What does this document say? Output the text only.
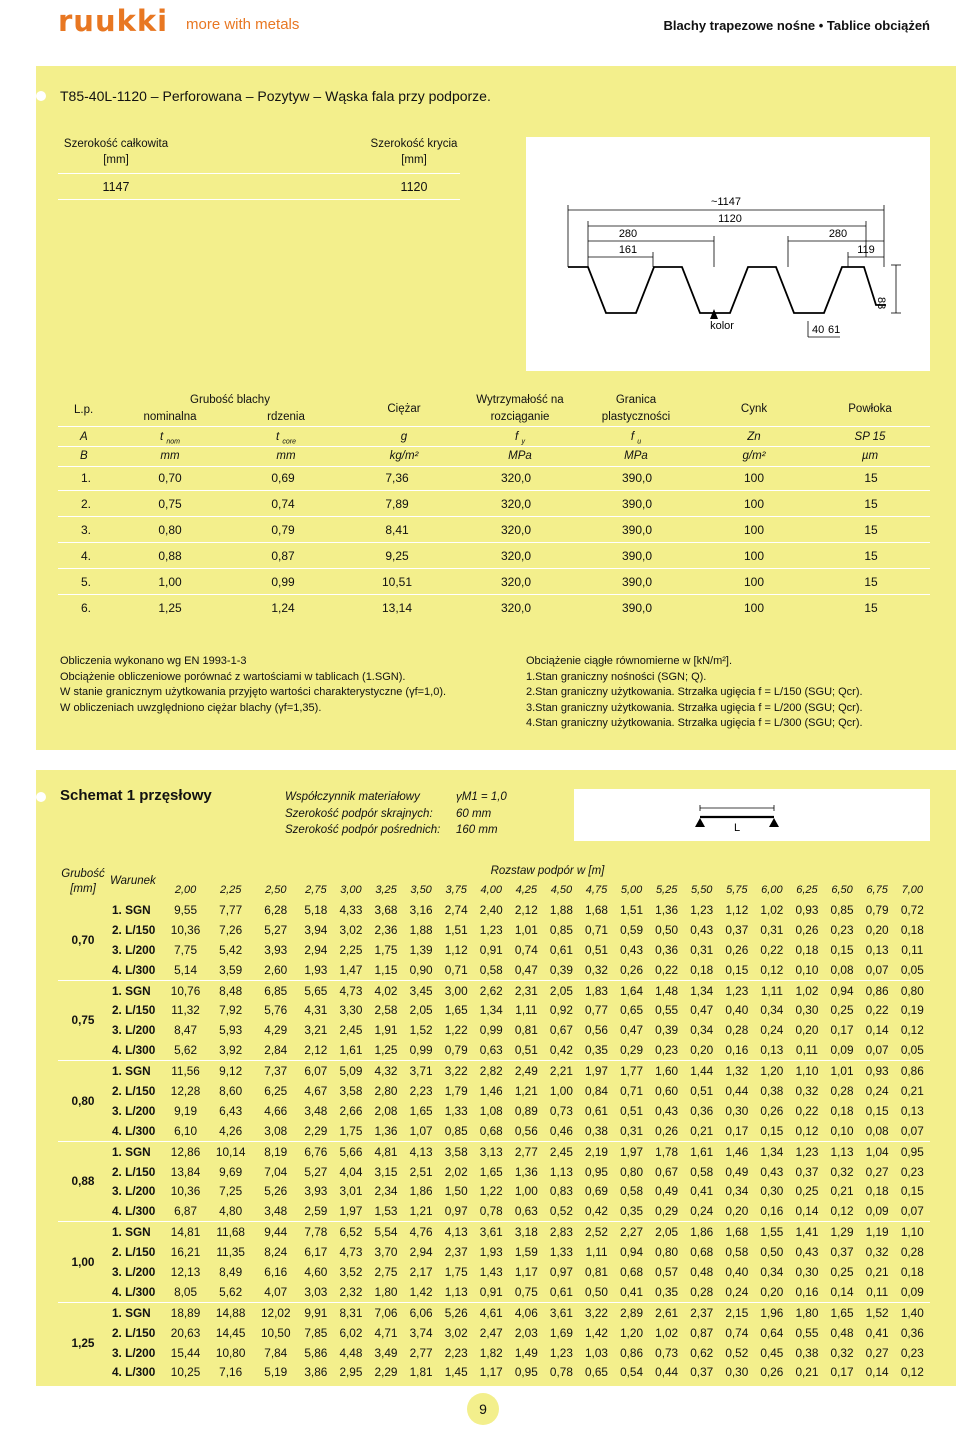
ruukki more with metals	Blachy trapezowe nośne • Tablice obciążeń
T85-40L-1120 – Perforowana – Pozytyw – Wąska fala przy podporze.
Szerokość całkowita
[mm]
Szerokość krycia
[mm]
1147	1120
~1147
1120
280	280
161	119
83
kolor	40 61
L.p.
Grubość blachy
nominalna	rdzenia
Ciężar
Wytrzymałość na
rozciąganie
Granica
plastyczności
Cynk	Powłoka
A	t $_{nom}$	t $_{core}$	g	f $_y$	f $_u$	Zn	SP 15
B	mm	mm	kg/m²	MPa	MPa	g/m²	µm
1.	0,70	0,69	7,36	320,0	390,0	100	15
2.	0,75	0,74	7,89	320,0	390,0	100	15
3.	0,80	0,79	8,41	320,0	390,0	100	15
4.	0,88	0,87	9,25	320,0	390,0	100	15
5.	1,00	0,99	10,51	320,0	390,0	100	15
6.	1,25	1,24	13,14	320,0	390,0	100	15
Obliczenia wykonano wg EN 1993-1-3
Obciążenie obliczeniowe porównać z wartościami w tablicach (1.SGN).
W stanie granicznym użytkowania przyjęto wartości charakterystyczne (γf=1,0).
W obliczeniach uwzględniono ciężar blachy (γf=1,35).
Obciążenie ciągłe równomierne w [kN/m²].
1.Stan graniczny nośności (SGN; Q).
2.Stan graniczny użytkowania. Strzałka ugięcia f = L/150 (SGU; Qcr).
3.Stan graniczny użytkowania. Strzałka ugięcia f = L/200 (SGU; Qcr).
4.Stan graniczny użytkowania. Strzałka ugięcia f = L/300 (SGU; Qcr).
Schemat 1 przęsłowy	Współczynnik materiałowy
Szerokość podpór skrajnych:
Szerokość podpór pośrednich:
γM1 = 1,0
60 mm
160 mm	L
Grubość [mm]
Warunek
Rozstaw podpór w [m]
		2,00	2,25	2,50	2,75	3,00	3,25	3,50	3,75	4,00	4,25	4,50	4,75	5,00	5,25	5,50	5,75	6,00	6,25	6,50	6,75	7,00
0,70	1. SGN	9,55	7,77	6,28	5,18	4,33	3,68	3,16	2,74	2,40	2,12	1,88	1,68	1,51	1,36	1,23	1,12	1,02	0,93	0,85	0,79	0,72
	2. L/150	10,36	7,26	5,27	3,94	3,02	2,36	1,88	1,51	1,23	1,01	0,85	0,71	0,59	0,50	0,43	0,37	0,31	0,26	0,23	0,20	0,18
	3. L/200	7,75	5,42	3,93	2,94	2,25	1,75	1,39	1,12	0,91	0,74	0,61	0,51	0,43	0,36	0,31	0,26	0,22	0,18	0,15	0,13	0,11
	4. L/300	5,14	3,59	2,60	1,93	1,47	1,15	0,90	0,71	0,58	0,47	0,39	0,32	0,26	0,22	0,18	0,15	0,12	0,10	0,08	0,07	0,05
0,75	1. SGN	10,76	8,48	6,85	5,65	4,73	4,02	3,45	3,00	2,62	2,31	2,05	1,83	1,64	1,48	1,34	1,23	1,11	1,02	0,94	0,86	0,80
	2. L/150	11,32	7,92	5,76	4,31	3,30	2,58	2,05	1,65	1,34	1,11	0,92	0,77	0,65	0,55	0,47	0,40	0,34	0,30	0,25	0,22	0,19
	3. L/200	8,47	5,93	4,29	3,21	2,45	1,91	1,52	1,22	0,99	0,81	0,67	0,56	0,47	0,39	0,34	0,28	0,24	0,20	0,17	0,14	0,12
	4. L/300	5,62	3,92	2,84	2,12	1,61	1,25	0,99	0,79	0,63	0,51	0,42	0,35	0,29	0,23	0,20	0,16	0,13	0,11	0,09	0,07	0,05
0,80	1. SGN	11,56	9,12	7,37	6,07	5,09	4,32	3,71	3,22	2,82	2,49	2,21	1,97	1,77	1,60	1,44	1,32	1,20	1,10	1,01	0,93	0,86
	2. L/150	12,28	8,60	6,25	4,67	3,58	2,80	2,23	1,79	1,46	1,21	1,00	0,84	0,71	0,60	0,51	0,44	0,38	0,32	0,28	0,24	0,21
	3. L/200	9,19	6,43	4,66	3,48	2,66	2,08	1,65	1,33	1,08	0,89	0,73	0,61	0,51	0,43	0,36	0,30	0,26	0,22	0,18	0,15	0,13
	4. L/300	6,10	4,26	3,08	2,29	1,75	1,36	1,07	0,85	0,68	0,56	0,46	0,38	0,31	0,26	0,21	0,17	0,15	0,12	0,10	0,08	0,07
0,88	1. SGN	12,86	10,14	8,19	6,76	5,66	4,81	4,13	3,58	3,13	2,77	2,45	2,19	1,97	1,78	1,61	1,46	1,34	1,23	1,13	1,04	0,95
	2. L/150	13,84	9,69	7,04	5,27	4,04	3,15	2,51	2,02	1,65	1,36	1,13	0,95	0,80	0,67	0,58	0,49	0,43	0,37	0,32	0,27	0,23
	3. L/200	10,36	7,25	5,26	3,93	3,01	2,34	1,86	1,50	1,22	1,00	0,83	0,69	0,58	0,49	0,41	0,34	0,30	0,25	0,21	0,18	0,15
	4. L/300	6,87	4,80	3,48	2,59	1,97	1,53	1,21	0,97	0,78	0,63	0,52	0,42	0,35	0,29	0,24	0,20	0,16	0,14	0,12	0,09	0,07
1,00	1. SGN	14,81	11,68	9,44	7,78	6,52	5,54	4,76	4,13	3,61	3,18	2,83	2,52	2,27	2,05	1,86	1,68	1,55	1,41	1,29	1,19	1,10
	2. L/150	16,21	11,35	8,24	6,17	4,73	3,70	2,94	2,37	1,93	1,59	1,33	1,11	0,94	0,80	0,68	0,58	0,50	0,43	0,37	0,32	0,28
	3. L/200	12,13	8,49	6,16	4,60	3,52	2,75	2,17	1,75	1,43	1,17	0,97	0,81	0,68	0,57	0,48	0,40	0,34	0,30	0,25	0,21	0,18
	4. L/300	8,05	5,62	4,07	3,03	2,32	1,80	1,42	1,13	0,91	0,75	0,61	0,50	0,41	0,35	0,28	0,24	0,20	0,16	0,14	0,11	0,09
1,25	1. SGN	18,89	14,88	12,02	9,91	8,31	7,06	6,06	5,26	4,61	4,06	3,61	3,22	2,89	2,61	2,37	2,15	1,96	1,80	1,65	1,52	1,40
	2. L/150	20,63	14,45	10,50	7,85	6,02	4,71	3,74	3,02	2,47	2,03	1,69	1,42	1,20	1,02	0,87	0,74	0,64	0,55	0,48	0,41	0,36
	3. L/200	15,44	10,80	7,84	5,86	4,48	3,49	2,77	2,23	1,82	1,49	1,23	1,03	0,86	0,73	0,62	0,52	0,45	0,38	0,32	0,27	0,23
	4. L/300	10,25	7,16	5,19	3,86	2,95	2,29	1,81	1,45	1,17	0,95	0,78	0,65	0,54	0,44	0,37	0,30	0,26	0,21	0,17	0,14	0,12
9
